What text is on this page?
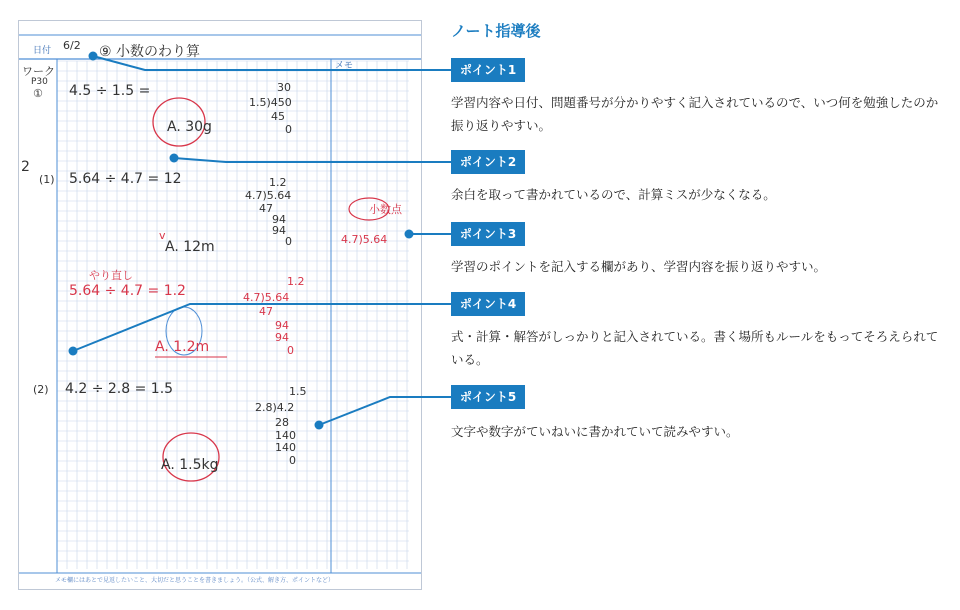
日付 6/2 ⑨ 小数のわり算
メモ
ワーク
P30
① 4.5 ÷ 1.5 =	30
1.5)450
45
0
A. 30g
2
(1) 5.64 ÷ 4.7 = 12	1.2
4.7)5.64
47
94
94
0
v
A. 12m
小数点
4.7)5.64
やり直し
5.64 ÷ 4.7 = 1.2
1.2
4.7)5.64
47
94
94
0
A. 1.2m
(2) 4.2 ÷ 2.8 = 1.5	1.5
2.8)4.2
28
140
140
0
A. 1.5kg
メモ欄にはあとで見返したいこと、大切だと思うことを書きましょう。（公式、解き方、ポイントなど）
ノート指導後
ポイント1
学習内容や日付、問題番号が分かりやすく記入されているので、いつ何を勉強したのか振り返りやすい。
ポイント2
余白を取って書かれているので、計算ミスが少なくなる。
ポイント3
学習のポイントを記入する欄があり、学習内容を振り返りやすい。
ポイント4
式・計算・解答がしっかりと記入されている。書く場所もルールをもってそろえられている。
ポイント5
文字や数字がていねいに書かれていて読みやすい。
